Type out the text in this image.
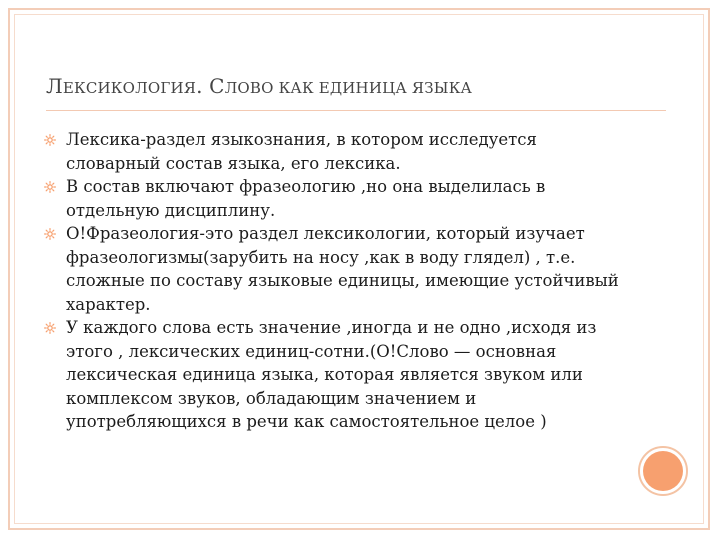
ЛЕКСИКОЛОГИЯ. СЛОВО КАК ЕДИНИЦА ЯЗЫКА
Лексика-раздел языкознания, в котором исследуется словарный состав языка, его лексика.
В состав включают фразеологию ,но она выделилась в отдельную дисциплину.
О!Фразеология-это раздел лексикологии, который изучает фразеологизмы(зарубить на носу ,как в воду глядел) , т.е. сложные по составу языковые единицы, имеющие устойчивый характер.
У каждого слова есть значение ,иногда и не одно ,исходя из этого , лексических единиц-сотни.(О!Слово — основная лексическая единица языка, которая является звуком или комплексом звуков, обладающим значением и употребляющихся в речи как самостоятельное целое )
